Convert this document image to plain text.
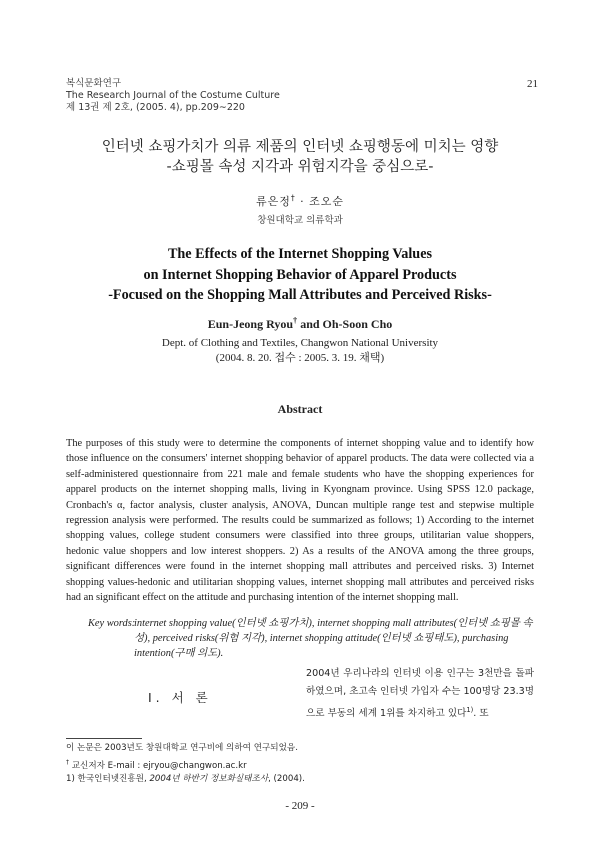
복식문화연구
The Research Journal of the Costume Culture
제 13권 제 2호, (2005. 4), pp.209∼220
21
인터넷 쇼핑가치가 의류 제품의 인터넷 쇼핑행동에 미치는 영향
-쇼핑몰 속성 지각과 위험지각을 중심으로-
류은정† · 조오순
창원대학교 의류학과
The Effects of the Internet Shopping Values
on Internet Shopping Behavior of Apparel Products
-Focused on the Shopping Mall Attributes and Perceived Risks-
Eun-Jeong Ryou† and Oh-Soon Cho
Dept. of Clothing and Textiles, Changwon National University
(2004. 8. 20. 접수 : 2005. 3. 19. 채택)
Abstract
The purposes of this study were to determine the components of internet shopping value and to identify how those influence on the consumers' internet shopping behavior of apparel products. The data were collected via a self-administered questionnaire from 221 male and female students who have the shopping experiences for apparel products on the internet shopping malls, living in Kyongnam province. Using SPSS 12.0 package, Cronbach's α, factor analysis, cluster analysis, ANOVA, Duncan multiple range test and stepwise multiple regression analysis were performed. The results could be summarized as follows; 1) According to the internet shopping values, college student consumers were classified into three groups, utilitarian value shoppers, hedonic value shoppers and low interest shoppers. 2) As a results of the ANOVA among the three groups, significant differences were found in the internet shopping mall attributes and perceived risks. 3) Internet shopping values-hedonic and utilitarian shopping values, internet shopping mall attributes and perceived risks had an significant effect on the attitude and purchasing intention of the internet shopping mall.
Key words:
internet shopping value(인터넷 쇼핑가치), internet shopping mall attributes(인터넷 쇼핑몰 속성), perceived risks(위험 지각), internet shopping attitude(인터넷 쇼핑태도), purchasing intention(구매 의도).
Ⅰ. 서 론
2004년 우리나라의 인터넷 이용 인구는 3천만을 돌파하였으며, 초고속 인터넷 가입자 수는 100명당 23.3명으로 부동의 세계 1위를 차지하고 있다$^{1)}$. 또
이 논문은 2003년도 창원대학교 연구비에 의하여 연구되었음.
† 교신저자 E-mail : ejryou@changwon.ac.kr
1) 한국인터넷진흥원, 2004년 하반기 정보화실태조사, (2004).
- 209 -
